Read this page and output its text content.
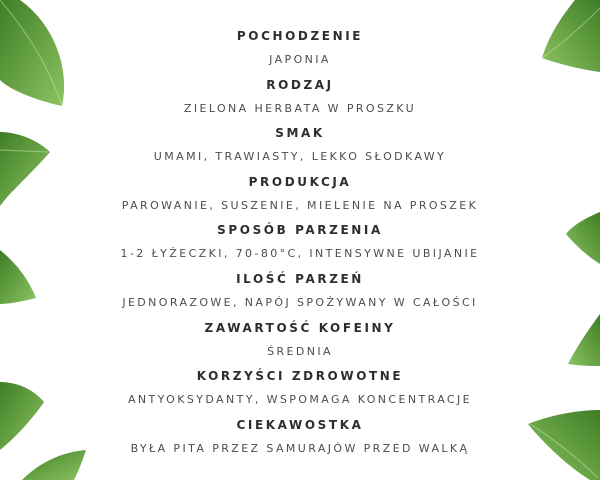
POCHODZENIE
JAPONIA
RODZAJ
ZIELONA HERBATA W PROSZKU
SMAK
UMAMI, TRAWIASTY, LEKKO SŁODKAWY
PRODUKCJA
PAROWANIE, SUSZENIE, MIELENIE NA PROSZEK
SPOSÓB PARZENIA
1-2 ŁYŻECZKI, 70-80°C, INTENSYWNE UBIJANIE
ILOŚĆ PARZEŃ
JEDNORAZOWE, NAPÓJ SPOŻYWANY W CAŁOŚCI
ZAWARTOŚĆ KOFEINY
ŚREDNIA
KORZYŚCI ZDROWOTNE
ANTYOKSYDANTY, WSPOMAGA KONCENTRACJE
CIEKAWOSTKA
BYŁA PITA PRZEZ SAMURAJÓW PRZED WALKĄ
